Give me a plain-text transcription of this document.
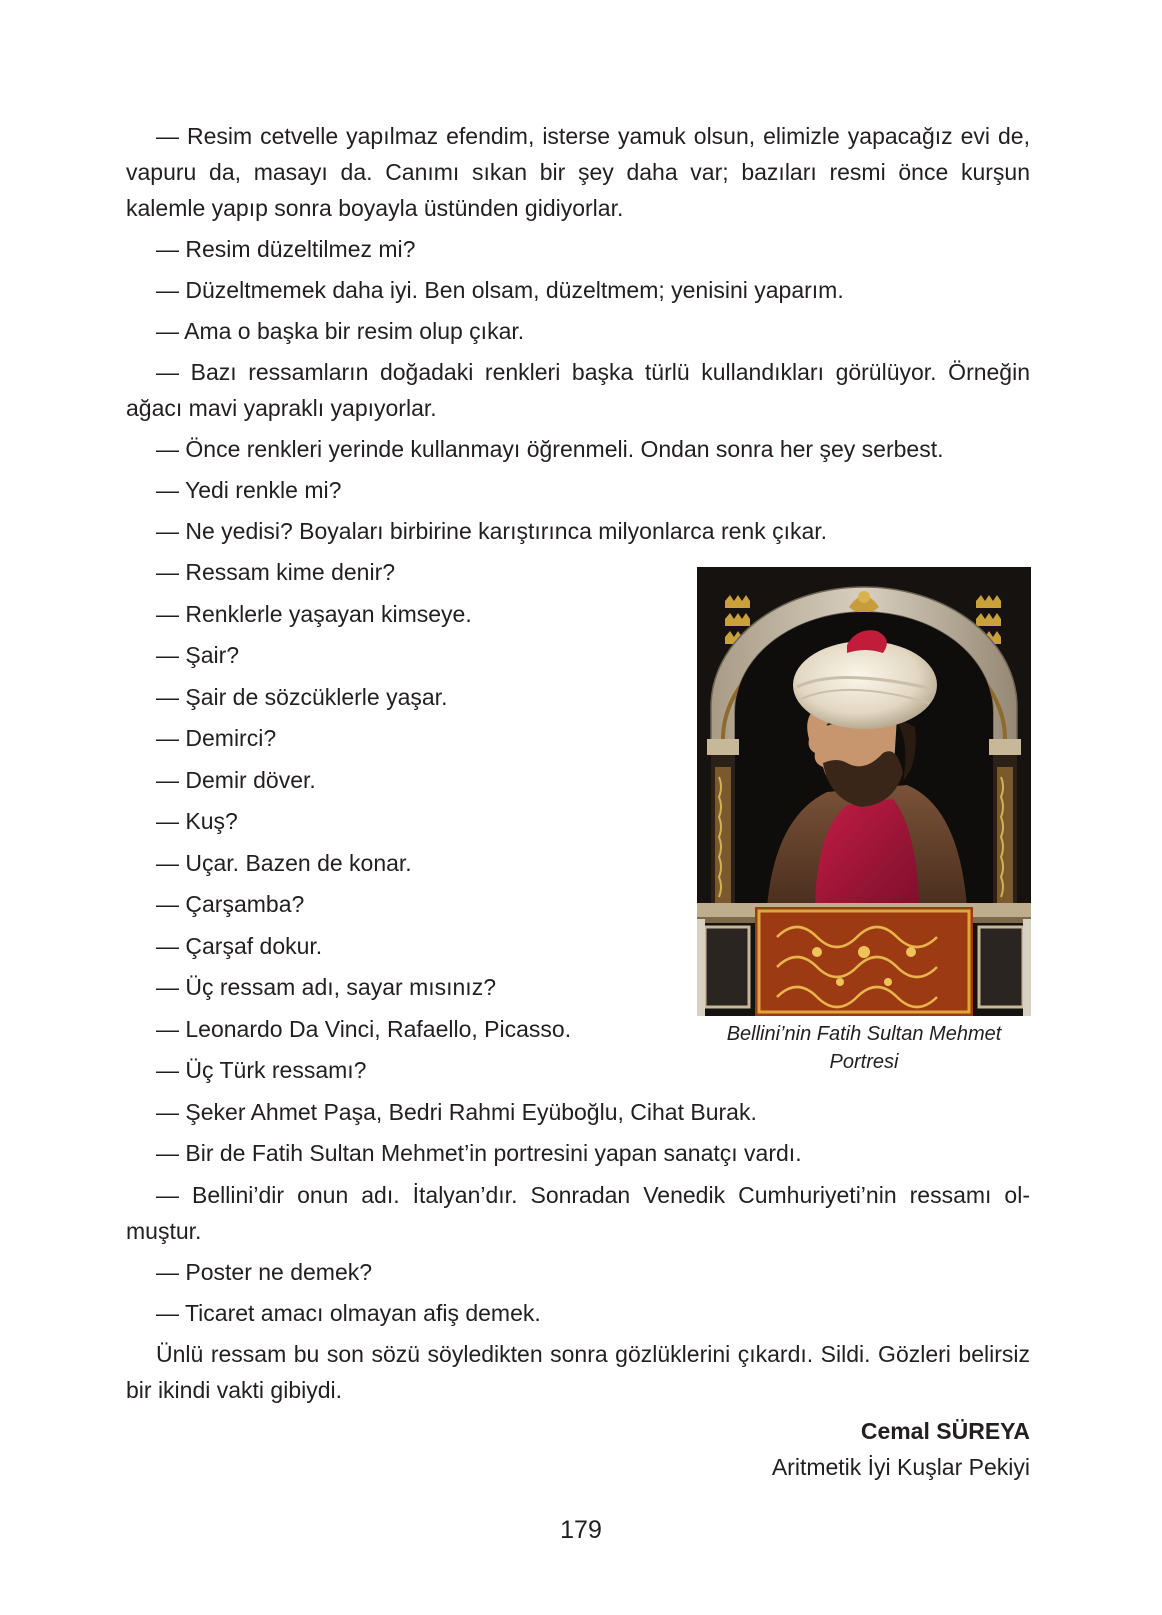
— Resim cetvelle yapılmaz efendim, isterse yamuk olsun, elimizle yapacağız evi de, vapuru da, masayı da. Canımı sıkan bir şey daha var; bazıları resmi önce kurşun kalemle yapıp sonra boyayla üstünden gidiyorlar.

— Resim düzeltilmez mi?

— Düzeltmemek daha iyi. Ben olsam, düzeltmem; yenisini yaparım.

— Ama o başka bir resim olup çıkar.

— Bazı ressamların doğadaki renkleri başka türlü kullandıkları görülüyor. Örneğin ağacı mavi yapraklı yapıyorlar.

— Önce renkleri yerinde kullanmayı öğrenmeli. Ondan sonra her şey serbest.

— Yedi renkle mi?

— Ne yedisi? Boyaları birbirine karıştırınca milyonlarca renk çıkar.

— Ressam kime denir?

— Renklerle yaşayan kimseye.

— Şair?

— Şair de sözcüklerle yaşar.

— Demirci?

— Demir döver.

— Kuş?

— Uçar. Bazen de konar.

— Çarşamba?

— Çarşaf dokur.

— Üç ressam adı, sayar mısınız?

— Leonardo Da Vinci, Rafaello, Picasso.

— Üç Türk ressamı?

— Şeker Ahmet Paşa, Bedri Rahmi Eyüboğlu, Cihat Burak.

— Bir de Fatih Sultan Mehmet’in portresini yapan sanatçı vardı.

— Bellini’dir onun adı. İtalyan’dır. Sonradan Venedik Cumhuriyeti’nin ressamı ol-muştur.

— Poster ne demek?

— Ticaret amacı olmayan afiş demek.

Ünlü ressam bu son sözü söyledikten sonra gözlüklerini çıkardı. Sildi. Gözleri belirsiz bir ikindi vakti gibiydi.

Cemal SÜREYA

Aritmetik İyi Kuşlar Pekiyi

Bellini’nin Fatih Sultan Mehmet
Portresi
179
